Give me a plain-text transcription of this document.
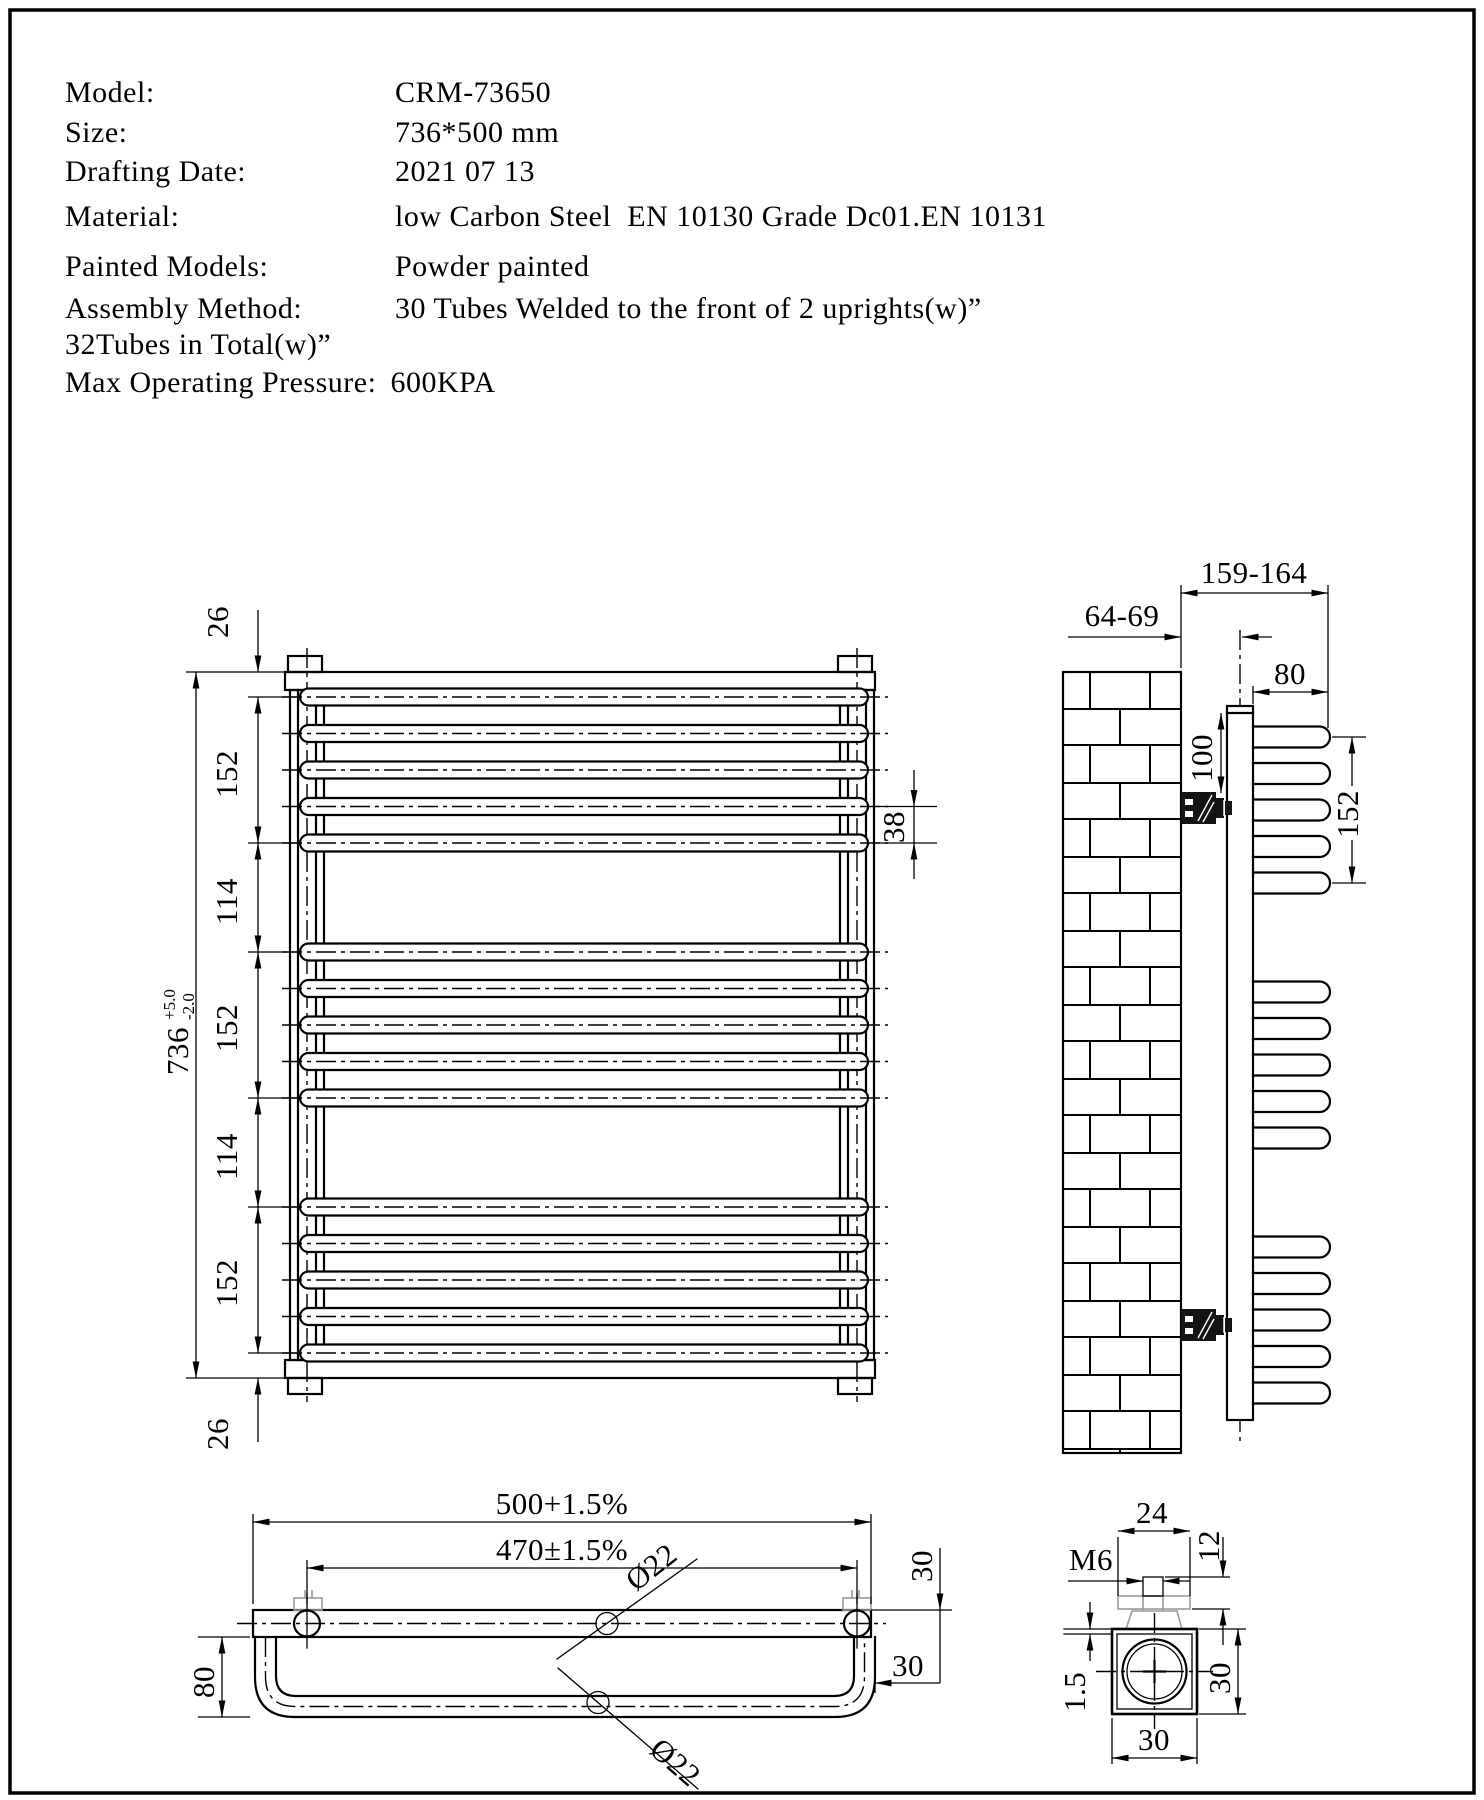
Model:	CRM-73650
Size:	736*500 mm
Drafting Date:	2021 07 13
Material:	low Carbon Steel  EN 10130 Grade Dc01.EN 10131
Painted Models:	Powder painted
Assembly Method:	30 Tubes Welded to the front of 2 uprights(w)”
32Tubes in Total(w)”
Max Operating Pressure: 600KPA
26
152
114
152
114
152
26
736
+5.0 -2.0
38
159-164
64-69
80
100
152
500+1.5%
470±1.5%
Ø22
Ø22
80
30
30
24
12
M6
1.5	30
30
